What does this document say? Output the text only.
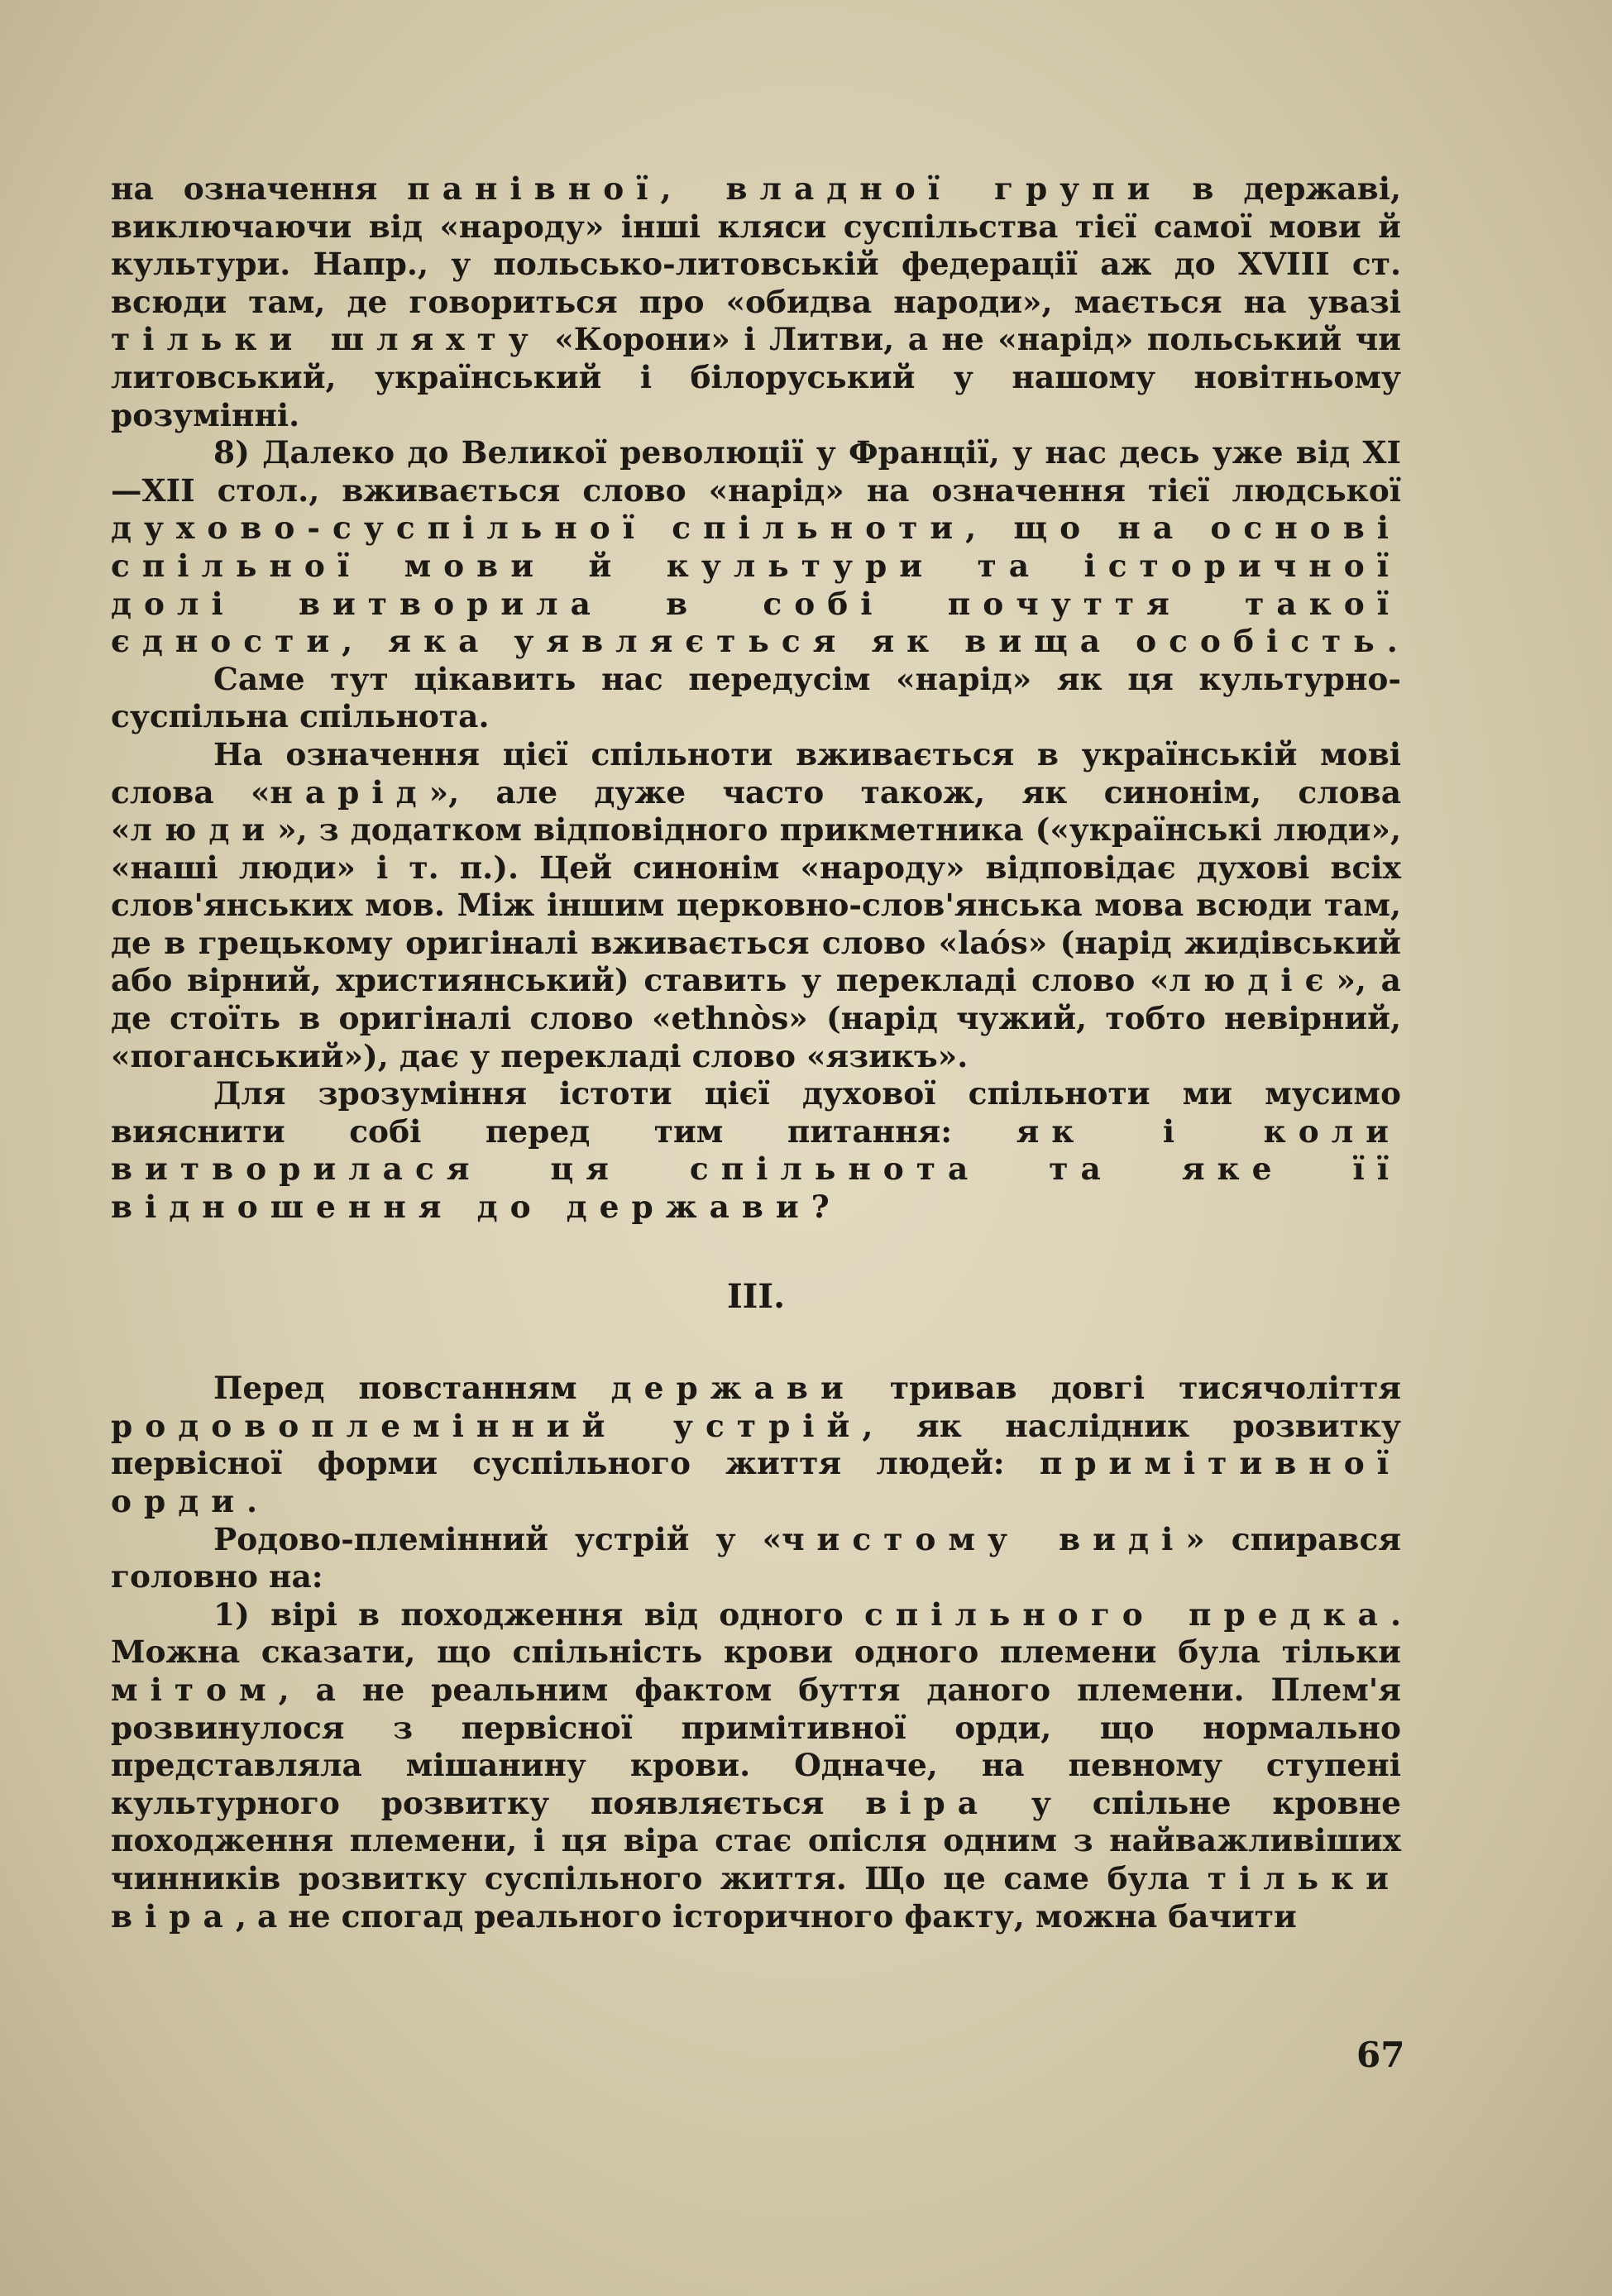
на означення панівної, владної групи в державі, виключаючи від «народу» інші кляси суспільства тієї самої мови й культури. Напр., у польсько-литовській федерації аж до XVIII ст. всюди там, де говориться про «обидва народи», мається на увазі тільки шляхту «Корони» і Литви, а не «нарід» польський чи литовський, український і білоруський у нашому новітньому розумінні.

8) Далеко до Великої революції у Франції, у нас десь уже від XI—XII стол., вживається слово «нарід» на означення тієї людської духово-суспільної спільноти, що на основі спільної мови й культури та історичної долі витворила в собі почуття такої єдности, яка уявляється як вища особість.

Саме тут цікавить нас передусім «нарід» як ця культурно-суспільна спільнота.

На означення цієї спільноти вживається в українській мові слова «нарід», але дуже часто також, як синонім, слова «люди», з додатком відповідного прикметника («українські люди», «наші люди» і т. п.). Цей синонім «народу» відповідає духові всіх слов'янських мов. Між іншим церковно-слов'янська мова всюди там, де в грецькому оригіналі вживається слово «laós» (нарід жидівський або вірний, християнський) ставить у перекладі слово «людіє», а де стоїть в оригіналі слово «ethnòs» (нарід чужий, тобто невірний, «поганський»), дає у перекладі слово «язикъ».

Для зрозуміння істоти цієї духової спільноти ми мусимо вияснити собі перед тим питання: як і коли витворилася ця спільнота та яке її відношення до держави?

III.

Перед повстанням держави тривав довгі тисячоліття родовоплемінний устрій, як наслідник розвитку первісної форми суспільного життя людей: примітивної орди.

Родово-племінний устрій у «чистому виді» спирався головно на:

1) вірі в походження від одного спільного предка. Можна сказати, що спільність крови одного племени була тільки мітом, а не реальним фактом буття даного племени. Плем'я розвинулося з первісної примітивної орди, що нормально представляла мішанину крови. Одначе, на певному ступені культурного розвитку появляється віра у спільне кровне походження племени, і ця віра стає опісля одним з найважливіших чинників розвитку суспільного життя. Що це саме була тільки віра, а не спогад реального історичного факту, можна бачити

67
